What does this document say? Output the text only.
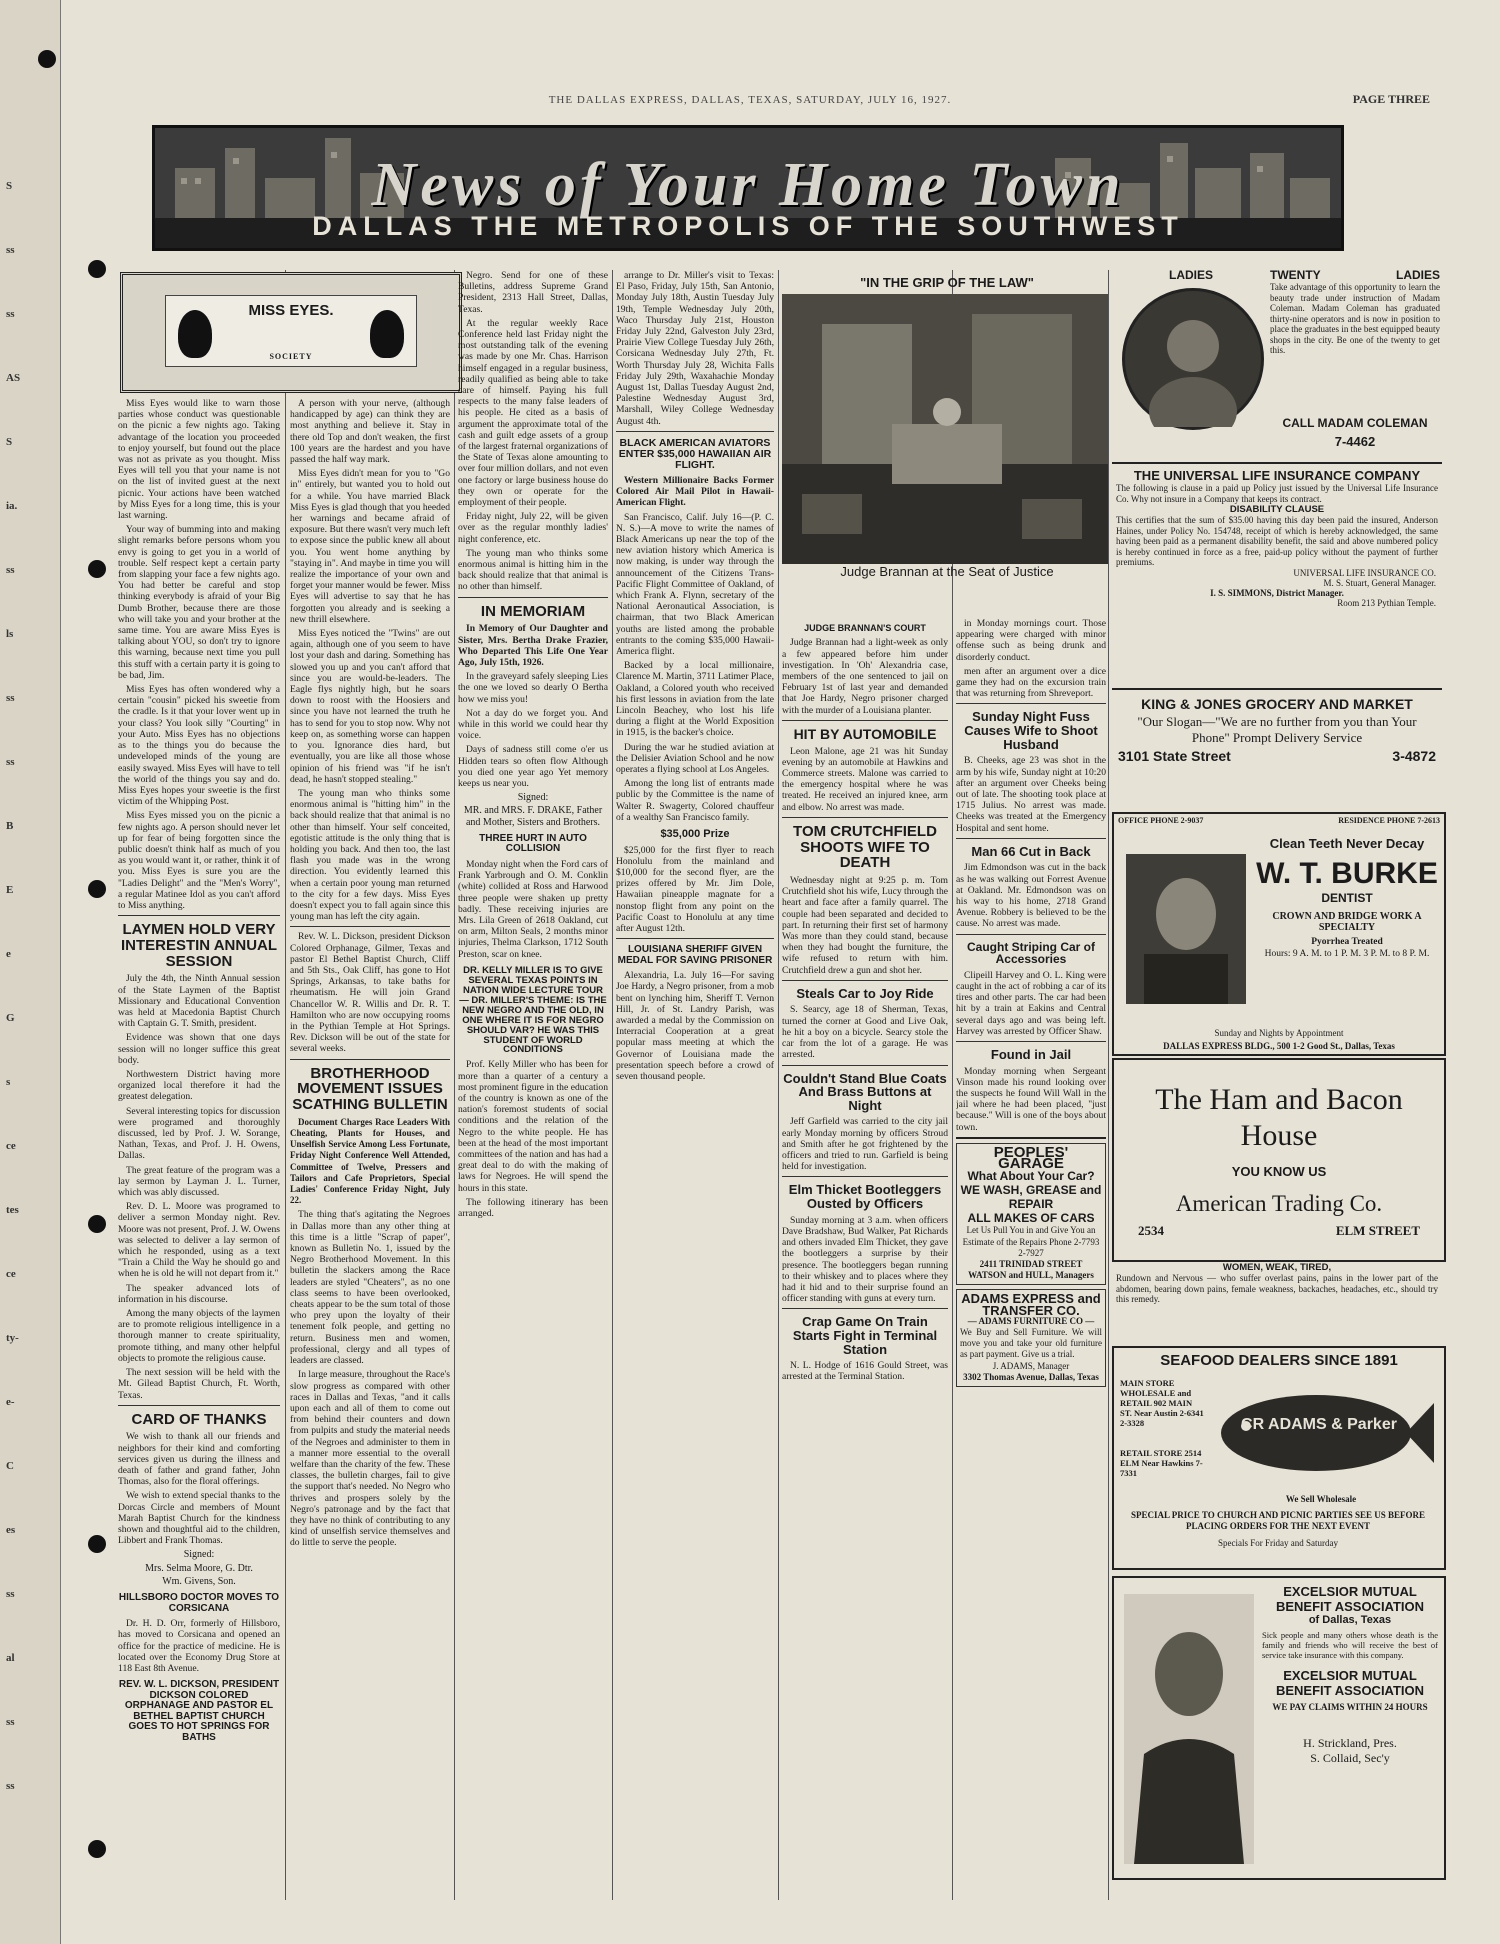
S
ss
ss
AS
S
ia.
ss
ls
ss
ss
B
E
e
G
s
ce
tes
ce
ty-
e-
C
es
ss
al
ss
ss
THE DALLAS EXPRESS, DALLAS, TEXAS, SATURDAY, JULY 16, 1927.	PAGE THREE
News of Your Home Town
DALLAS THE METROPOLIS OF THE SOUTHWEST
MISS EYES.
SOCIETY

Miss Eyes would like to warn those parties whose conduct was questionable on the picnic a few nights ago. Taking advantage of the location you proceeded to enjoy yourself, but found out the place was not as private as you thought. Miss Eyes will tell you that your name is not on the list of invited guest at the next picnic. Your actions have been watched by Miss Eyes for a long time, this is your last warning.

Your way of bumming into and making slight remarks before persons whom you envy is going to get you in a world of trouble. Self respect kept a certain party from slapping your face a few nights ago. You had better be careful and stop thinking everybody is afraid of your Big Dumb Brother, because there are those who will take you and your brother at the same time. You are aware Miss Eyes is talking about YOU, so don't try to ignore this warning, because next time you pull this stuff with a certain party it is going to be bad, Jim.

Miss Eyes has often wondered why a certain "cousin" picked his sweetie from the cradle. Is it that your lover went up in your class? You look silly "Courting" in your Auto. Miss Eyes has no objections as to the things you do because the undeveloped minds of the young are easily swayed. Miss Eyes will have to tell the world of the things you say and do. Miss Eyes hopes your sweetie is the first victim of the Whipping Post.

Miss Eyes missed you on the picnic a few nights ago. A person should never let up for fear of being forgotten since the public doesn't think half as much of you as you would want it, or rather, think it of you. Miss Eyes is sure you are the "Ladies Delight" and the "Men's Worry", a regular Matinee Idol as you can't afford to Miss anything.

LAYMEN HOLD VERY INTERESTIN ANNUAL SESSION

July the 4th, the Ninth Annual session of the State Laymen of the Baptist Missionary and Educational Convention was held at Macedonia Baptist Church with Captain G. T. Smith, president.

Evidence was shown that one days session will no longer suffice this great body.

Northwestern District having more organized local therefore it had the greatest delegation.

Several interesting topics for discussion were programed and thoroughly discussed, led by Prof. J. W. Sorange, Nathan, Texas, and Prof. J. H. Owens, Dallas.

The great feature of the program was a lay sermon by Layman J. L. Turner, which was ably discussed.

Rev. D. L. Moore was programed to deliver a sermon Monday night. Rev. Moore was not present, Prof. J. W. Owens was selected to deliver a lay sermon of which he responded, using as a text "Train a Child the Way he should go and when he is old he will not depart from it."

The speaker advanced lots of information in his discourse.

Among the many objects of the laymen are to promote religious intelligence in a thorough manner to create spirituality, promote tithing, and many other helpful objects to promote the religious cause.

The next session will be held with the Mt. Gilead Baptist Church, Ft. Worth, Texas.

CARD OF THANKS

We wish to thank all our friends and neighbors for their kind and comforting services given us during the illness and death of father and grand father, John Thomas, also for the floral offerings.

We wish to extend special thanks to the Dorcas Circle and members of Mount Marah Baptist Church for the kindness shown and thoughtful aid to the children, Libbert and Frank Thomas.

Signed:
Mrs. Selma Moore, G. Dtr.
Wm. Givens, Son.
HILLSBORO DOCTOR MOVES TO CORSICANA

Dr. H. D. Orr, formerly of Hillsboro, has moved to Corsicana and opened an office for the practice of medicine. He is located over the Economy Drug Store at 118 East 8th Avenue.

REV. W. L. DICKSON, PRESIDENT DICKSON COLORED ORPHANAGE AND PASTOR EL BETHEL BAPTIST CHURCH GOES TO HOT SPRINGS FOR BATHS

A person with your nerve, (although handicapped by age) can think they are most anything and believe it. Stay in there old Top and don't weaken, the first 100 years are the hardest and you have passed the half way mark.

Miss Eyes didn't mean for you to "Go in" entirely, but wanted you to hold out for a while. You have married Black Miss Eyes is glad though that you heeded her warnings and became afraid of exposure. But there wasn't very much left to expose since the public knew all about you. You went home anything by "staying in". And maybe in time you will realize the importance of your own and forget your manner would be fewer. Miss Eyes will advertise to say that he has forgotten you already and is seeking a new thrill elsewhere.

Miss Eyes noticed the "Twins" are out again, although one of you seem to have lost your dash and daring. Something has slowed you up and you can't afford that since you are would-be-leaders. The Eagle flys nightly high, but he soars down to roost with the Hoosiers and since you have not learned the truth he has to send for you to stop now. Why not keep on, as something worse can happen to you. Ignorance dies hard, but eventually, you are like all those whose opinion of his friend was "if he isn't dead, he hasn't stopped stealing."

The young man who thinks some enormous animal is "hitting him" in the back should realize that that animal is no other than himself. Your self conceited, egotistic attitude is the only thing that is holding you back. And then too, the last flash you made was in the wrong direction. You evidently learned this when a certain poor young man returned to the city for a few days. Miss Eyes doesn't expect you to fall again since this young man has left the city again.

Rev. W. L. Dickson, president Dickson Colored Orphanage, Gilmer, Texas and pastor El Bethel Baptist Church, Cliff and 5th Sts., Oak Cliff, has gone to Hot Springs, Arkansas, to take baths for rheumatism. He will join Grand Chancellor W. R. Willis and Dr. R. T. Hamilton who are now occupying rooms in the Pythian Temple at Hot Springs. Rev. Dickson will be out of the state for several weeks.

BROTHERHOOD MOVEMENT ISSUES SCATHING BULLETIN

Document Charges Race Leaders With Cheating, Plants for Houses, and Unselfish Service Among Less Fortunate, Friday Night Conference Well Attended, Committee of Twelve, Pressers and Tailors and Cafe Proprietors, Special Ladies' Conference Friday Night, July 22.

The thing that's agitating the Negroes in Dallas more than any other thing at this time is a little "Scrap of paper", known as Bulletin No. 1, issued by the Negro Brotherhood Movement. In this bulletin the slackers among the Race leaders are styled "Cheaters", as no one class seems to have been overlooked, cheats appear to be the sum total of those who prey upon the loyalty of their tenement folk people, and getting no return. Business men and women, professional, clergy and all types of leaders are classed.

In large measure, throughout the Race's slow progress as compared with other races in Dallas and Texas, "and it calls upon each and all of them to come out from behind their counters and down from pulpits and study the material needs of the Negroes and administer to them in a manner more essential to the overall welfare than the charity of the few. These classes, the bulletin charges, fail to give the support that's needed. No Negro who thrives and prospers solely by the Negro's patronage and by the fact that they have no think of contributing to any kind of unselfish service themselves and do little to serve the people.

Negro. Send for one of these Bulletins, address Supreme Grand President, 2313 Hall Street, Dallas, Texas.

At the regular weekly Race Conference held last Friday night the most outstanding talk of the evening was made by one Mr. Chas. Harrison himself engaged in a regular business, readily qualified as being able to take care of himself. Paying his full respects to the many false leaders of his people. He cited as a basis of argument the approximate total of the cash and guilt edge assets of a group of the largest fraternal organizations of the State of Texas alone amounting to over four million dollars, and not even one factory or large business house do they own or operate for the employment of their people.

Friday night, July 22, will be given over as the regular monthly ladies' night conference, etc.

The young man who thinks some enormous animal is hitting him in the back should realize that that animal is no other than himself.

IN MEMORIAM

In Memory of Our Daughter and Sister, Mrs. Bertha Drake Frazier, Who Departed This Life One Year Ago, July 15th, 1926.

In the graveyard safely sleeping Lies the one we loved so dearly O Bertha how we miss you!

Not a day do we forget you. And while in this world we could hear thy voice.

Days of sadness still come o'er us Hidden tears so often flow Although you died one year ago Yet memory keeps us near you.

Signed:
MR. and MRS. F. DRAKE, Father and Mother, Sisters and Brothers.
THREE HURT IN AUTO COLLISION

Monday night when the Ford cars of Frank Yarbrough and O. M. Conklin (white) collided at Ross and Harwood three people were shaken up pretty badly. These receiving injuries are Mrs. Lila Green of 2618 Oakland, cut on arm, Milton Seals, 2 months minor injuries, Thelma Clarkson, 1712 South Preston, scar on knee.

DR. KELLY MILLER IS TO GIVE SEVERAL TEXAS POINTS IN NATION WIDE LECTURE TOUR — DR. MILLER'S THEME: IS THE NEW NEGRO AND THE OLD, IN ONE WHERE IT IS FOR NEGRO SHOULD VAR? HE WAS THIS STUDENT OF WORLD CONDITIONS

Prof. Kelly Miller who has been for more than a quarter of a century a most prominent figure in the education of the country is known as one of the nation's foremost students of social conditions and the relation of the Negro to the white people. He has been at the head of the most important committees of the nation and has had a great deal to do with the making of laws for Negroes. He will spend the hours in this state.

The following itinerary has been arranged.

arrange to Dr. Miller's visit to Texas: El Paso, Friday, July 15th, San Antonio, Monday July 18th, Austin Tuesday July 19th, Temple Wednesday July 20th, Waco Thursday July 21st, Houston Friday July 22nd, Galveston July 23rd, Prairie View College Tuesday July 26th, Corsicana Wednesday July 27th, Ft. Worth Thursday July 28, Wichita Falls Friday July 29th, Waxahachie Monday August 1st, Dallas Tuesday August 2nd, Palestine Wednesday August 3rd, Marshall, Wiley College Wednesday August 4th.

BLACK AMERICAN AVIATORS ENTER $35,000 HAWAIIAN AIR FLIGHT.

Western Millionaire Backs Former Colored Air Mail Pilot in Hawaii-American Flight.

San Francisco, Calif. July 16—(P. C. N. S.)—A move to write the names of Black Americans up near the top of the new aviation history which America is now making, is under way through the announcement of the Citizens Trans-Pacific Flight Committee of Oakland, of which Frank A. Flynn, secretary of the National Aeronautical Association, is chairman, that two Black American youths are listed among the probable entrants to the coming $35,000 Hawaii-America flight.

Backed by a local millionaire, Clarence M. Martin, 3711 Latimer Place, Oakland, a Colored youth who received his first lessons in aviation from the late Lincoln Beachey, who lost his life during a flight at the World Exposition in 1915, is the backer's choice.

During the war he studied aviation at the Delisier Aviation School and he now operates a flying school at Los Angeles.

Among the long list of entrants made public by the Committee is the name of Walter R. Swagerty, Colored chauffeur of a wealthy San Francisco family.

$35,000 Prize

$25,000 for the first flyer to reach Honolulu from the mainland and $10,000 for the second flyer, are the prizes offered by Mr. Jim Dole, Hawaiian pineapple magnate for a nonstop flight from any point on the Pacific Coast to Honolulu at any time after August 12th.

LOUISIANA SHERIFF GIVEN MEDAL FOR SAVING PRISONER

Alexandria, La. July 16—For saving Joe Hardy, a Negro prisoner, from a mob bent on lynching him, Sheriff T. Vernon Hill, Jr. of St. Landry Parish, was awarded a medal by the Commission on Interracial Cooperation at a great popular mass meeting at which the Governor of Louisiana made the presentation speech before a crowd of seven thousand people.

"IN THE GRIP OF THE LAW"
Judge Brannan at the Seat of Justice
JUDGE BRANNAN'S COURT

Judge Brannan had a light-week as only a few appeared before him under investigation. In 'Oh' Alexandria case, members of the one sentenced to jail on February 1st of last year and demanded that Joe Hardy, Negro prisoner charged with the murder of a Louisiana planter.

HIT BY AUTOMOBILE

Leon Malone, age 21 was hit Sunday evening by an automobile at Hawkins and Commerce streets. Malone was carried to the emergency hospital where he was treated. He received an injured knee, arm and elbow. No arrest was made.

TOM CRUTCHFIELD SHOOTS WIFE TO DEATH

Wednesday night at 9:25 p. m. Tom Crutchfield shot his wife, Lucy through the heart and face after a family quarrel. The couple had been separated and decided to part. In returning their first set of harmony Was more than they could stand, because when they had bought the furniture, the wife refused to return with him. Crutchfield drew a gun and shot her.

Steals Car to Joy Ride

S. Searcy, age 18 of Sherman, Texas, turned the corner at Good and Live Oak, he hit a boy on a bicycle. Searcy stole the car from the lot of a garage. He was arrested.

Couldn't Stand Blue Coats And Brass Buttons at Night

Jeff Garfield was carried to the city jail early Monday morning by officers Stroud and Smith after he got frightened by the officers and tried to run. Garfield is being held for investigation.

Elm Thicket Bootleggers Ousted by Officers

Sunday morning at 3 a.m. when officers Dave Bradshaw, Bud Walker, Pat Richards and others invaded Elm Thicket, they gave the bootleggers a surprise by their presence. The bootleggers began running to their whiskey and to places where they had it hid and to their surprise found an officer standing with guns at every turn.

Crap Game On Train Starts Fight in Terminal Station

N. L. Hodge of 1616 Gould Street, was arrested at the Terminal Station.

in Monday mornings court. Those appearing were charged with minor offense such as being drunk and disorderly conduct.

men after an argument over a dice game they had on the excursion train that was returning from Shreveport.

Sunday Night Fuss Causes Wife to Shoot Husband

B. Cheeks, age 23 was shot in the arm by his wife, Sunday night at 10:20 after an argument over Cheeks being out of late. The shooting took place at 1715 Julius. No arrest was made. Cheeks was treated at the Emergency Hospital and sent home.

Man 66 Cut in Back

Jim Edmondson was cut in the back as he was walking out Forrest Avenue at Oakland. Mr. Edmondson was on his way to his home, 2718 Grand Avenue. Robbery is believed to be the cause. No arrest was made.

Caught Striping Car of Accessories

Clipeill Harvey and O. L. King were caught in the act of robbing a car of its tires and other parts. The car had been hit by a train at Eakins and Central several days ago and was being left. Harvey was arrested by Officer Shaw.

Found in Jail

Monday morning when Sergeant Vinson made his round looking over the suspects he found Will Wall in the jail where he had been placed, "just because." Will is one of the boys about town.

PEOPLES' GARAGE
What About Your Car?
WE WASH, GREASE and REPAIR
ALL MAKES OF CARS
Let Us Pull You in and Give You an Estimate of the Repairs Phone 2-7793 2-7927
2411 TRINIDAD STREET WATSON and HULL, Managers
ADAMS EXPRESS and TRANSFER CO.
— ADAMS FURNITURE CO —
We Buy and Sell Furniture. We will move you and take your old furniture as part payment. Give us a trial.
J. ADAMS, Manager
3302 Thomas Avenue, Dallas, Texas
LADIES	TWENTY	LADIES
Take advantage of this opportunity to learn the beauty trade under instruction of Madam Coleman. Madam Coleman has graduated thirty-nine operators and is now in position to place the graduates in the best equipped beauty shops in the city. Be one of the twenty to get this.
CALL MADAM COLEMAN
7-4462
THE UNIVERSAL LIFE INSURANCE COMPANY
The following is clause in a paid up Policy just issued by the Universal Life Insurance Co. Why not insure in a Company that keeps its contract.
DISABILITY CLAUSE
This certifies that the sum of $35.00 having this day been paid the insured, Anderson Haines, under Policy No. 154748, receipt of which is hereby acknowledged, the same having been paid as a permanent disability benefit, the said and above numbered policy is hereby continued in force as a free, paid-up policy without the payment of further premiums.
UNIVERSAL LIFE INSURANCE CO.
M. S. Stuart, General Manager.
I. S. SIMMONS, District Manager.
Room 213 Pythian Temple.
KING & JONES GROCERY AND MARKET
"Our Slogan—"We are no further from you than Your Phone" Prompt Delivery Service
3101 State Street	3-4872
OFFICE PHONE 2-9037	RESIDENCE PHONE 7-2613
Clean Teeth Never Decay
W. T. BURKE
DENTIST
CROWN AND BRIDGE WORK A SPECIALTY
Pyorrhea Treated
Hours: 9 A. M. to 1 P. M. 3 P. M. to 8 P. M.
Sunday and Nights by Appointment
DALLAS EXPRESS BLDG., 500 1-2 Good St., Dallas, Texas
The Ham and Bacon House
YOU KNOW US
American Trading Co.
2534	ELM STREET
WOMEN, WEAK, TIRED,
Rundown and Nervous — who suffer overlast pains, pains in the lower part of the abdomen, bearing down pains, female weakness, backaches, headaches, etc., should try this remedy.
SEAFOOD DEALERS SINCE 1891
MAIN STORE WHOLESALE and RETAIL 902 MAIN ST. Near Austin 2-6341 2-3328
RETAIL STORE 2514 ELM Near Hawkins 7-7331
CR ADAMS & Parker
We Sell Wholesale
SPECIAL PRICE TO CHURCH AND PICNIC PARTIES SEE US BEFORE PLACING ORDERS FOR THE NEXT EVENT
Specials For Friday and Saturday
EXCELSIOR MUTUAL BENEFIT ASSOCIATION
of Dallas, Texas
Sick people and many others whose death is the family and friends who will receive the best of service take insurance with this company.
EXCELSIOR MUTUAL BENEFIT ASSOCIATION
WE PAY CLAIMS WITHIN 24 HOURS
H. Strickland, Pres.
S. Collaid, Sec'y
